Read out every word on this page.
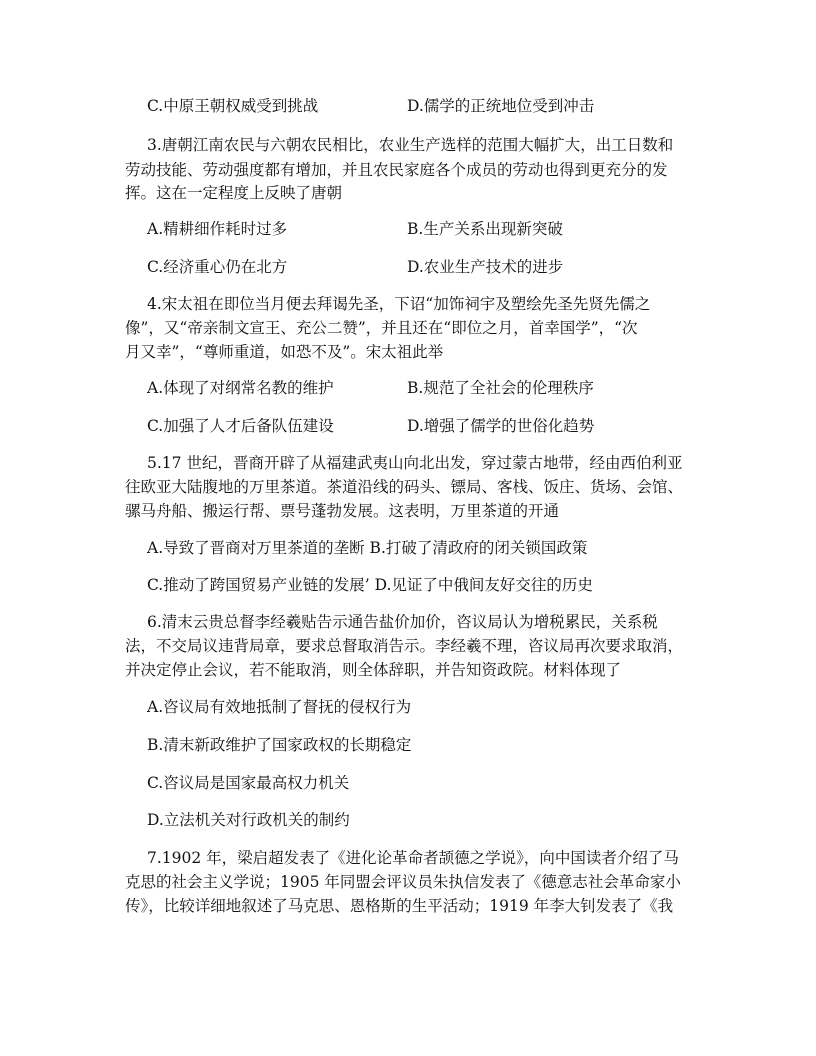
C.中原王朝权威受到挑战	D.儒学的正统地位受到冲击
3.唐朝江南农民与六朝农民相比，农业生产选样的范围大幅扩大，出工日数和
劳动技能、劳动强度都有增加，并且农民家庭各个成员的劳动也得到更充分的发
挥。这在一定程度上反映了唐朝
A.精耕细作耗时过多	B.生产关系出现新突破
C.经济重心仍在北方	D.农业生产技术的进步
4.宋太祖在即位当月便去拜谒先圣，下诏“加饰祠宇及塑绘先圣先贤先儒之
像”，又“帝亲制文宣王、充公二赞”，并且还在“即位之月，首幸国学”，“次
月又幸”，“尊师重道，如恐不及”。宋太祖此举
A.体现了对纲常名教的维护	B.规范了全社会的伦理秩序
C.加强了人才后备队伍建设	D.增强了儒学的世俗化趋势
5.17 世纪，晋商开辟了从福建武夷山向北出发，穿过蒙古地带，经由西伯利亚
往欧亚大陆腹地的万里茶道。茶道沿线的码头、镖局、客栈、饭庄、货场、会馆、
骡马舟船、搬运行帮、票号蓬勃发展。这表明，万里茶道的开通
A.导致了晋商对万里茶道的垄断 B.打破了清政府的闭关锁国政策
C.推动了跨国贸易产业链的发展’ D.见证了中俄间友好交往的历史
6.清末云贵总督李经羲贴告示通告盐价加价，咨议局认为增税累民，关系税
法，不交局议违背局章，要求总督取消告示。李经羲不理，咨议局再次要求取消，
并决定停止会议，若不能取消，则全体辞职，并告知资政院。材料体现了
A.咨议局有效地抵制了督抚的侵权行为
B.清末新政维护了国家政权的长期稳定
C.咨议局是国家最高权力机关
D.立法机关对行政机关的制约
7.1902 年，梁启超发表了《进化论革命者颉德之学说》，向中国读者介绍了马
克思的社会主义学说；1905 年同盟会评议员朱执信发表了《德意志社会革命家小
传》，比较详细地叙述了马克思、恩格斯的生平活动；1919 年李大钊发表了《我
